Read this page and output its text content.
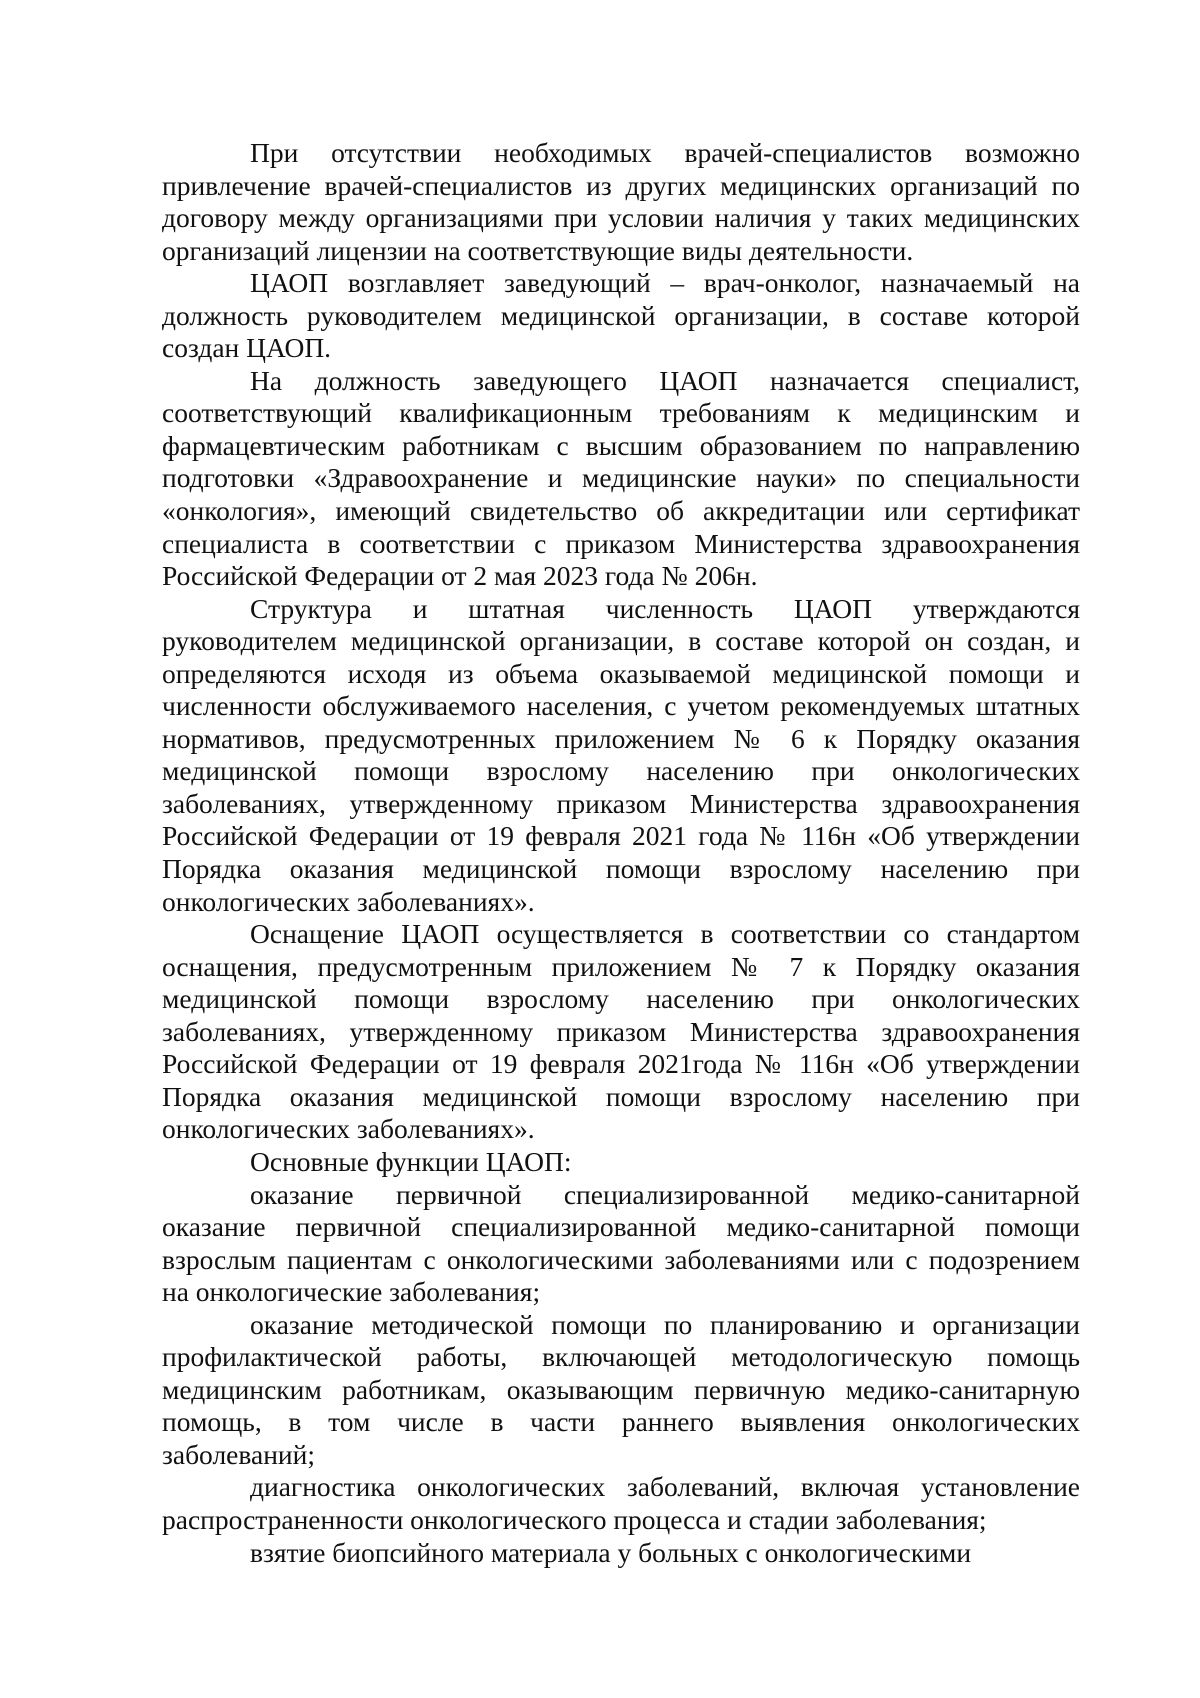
При отсутствии необходимых врачей-специалистов возможно привлечение врачей-специалистов из других медицинских организаций по договору между организациями при условии наличия у таких медицинских организаций лицензии на соответствующие виды деятельности.

ЦАОП возглавляет заведующий – врач-онколог, назначаемый на должность руководителем медицинской организации, в составе которой создан ЦАОП.

На должность заведующего ЦАОП назначается специалист, соответствующий квалификационным требованиям к медицинским и фармацевтическим работникам с высшим образованием по направлению подготовки «Здравоохранение и медицинские науки» по специальности «онкология», имеющий свидетельство об аккредитации или сертификат специалиста в соответствии с приказом Министерства здравоохранения Российской Федерации от 2 мая 2023 года № 206н.

Структура и штатная численность ЦАОП утверждаются руководителем медицинской организации, в составе которой он создан, и определяются исходя из объема оказываемой медицинской помощи и численности обслуживаемого населения, с учетом рекомендуемых штатных нормативов, предусмотренных приложением № 6 к Порядку оказания медицинской помощи взрослому населению при онкологических заболеваниях, утвержденному приказом Министерства здравоохранения Российской Федерации от 19 февраля 2021 года № 116н «Об утверждении Порядка оказания медицинской помощи взрослому населению при онкологических заболеваниях».

Оснащение ЦАОП осуществляется в соответствии со стандартом оснащения, предусмотренным приложением № 7 к Порядку оказания медицинской помощи взрослому населению при онкологических заболеваниях, утвержденному приказом Министерства здравоохранения Российской Федерации от 19 февраля 2021года № 116н «Об утверждении Порядка оказания медицинской помощи взрослому населению при онкологических заболеваниях».

Основные функции ЦАОП:

оказание первичной специализированной медико-санитарной оказание первичной специализированной медико-санитарной помощи взрослым пациентам с онкологическими заболеваниями или с подозрением на онкологические заболевания;

оказание методической помощи по планированию и организации профилактической работы, включающей методологическую помощь медицинским работникам, оказывающим первичную медико-санитарную помощь, в том числе в части раннего выявления онкологических заболеваний;

диагностика онкологических заболеваний, включая установление распространенности онкологического процесса и стадии заболевания;

взятие биопсийного материала у больных с онкологическими
